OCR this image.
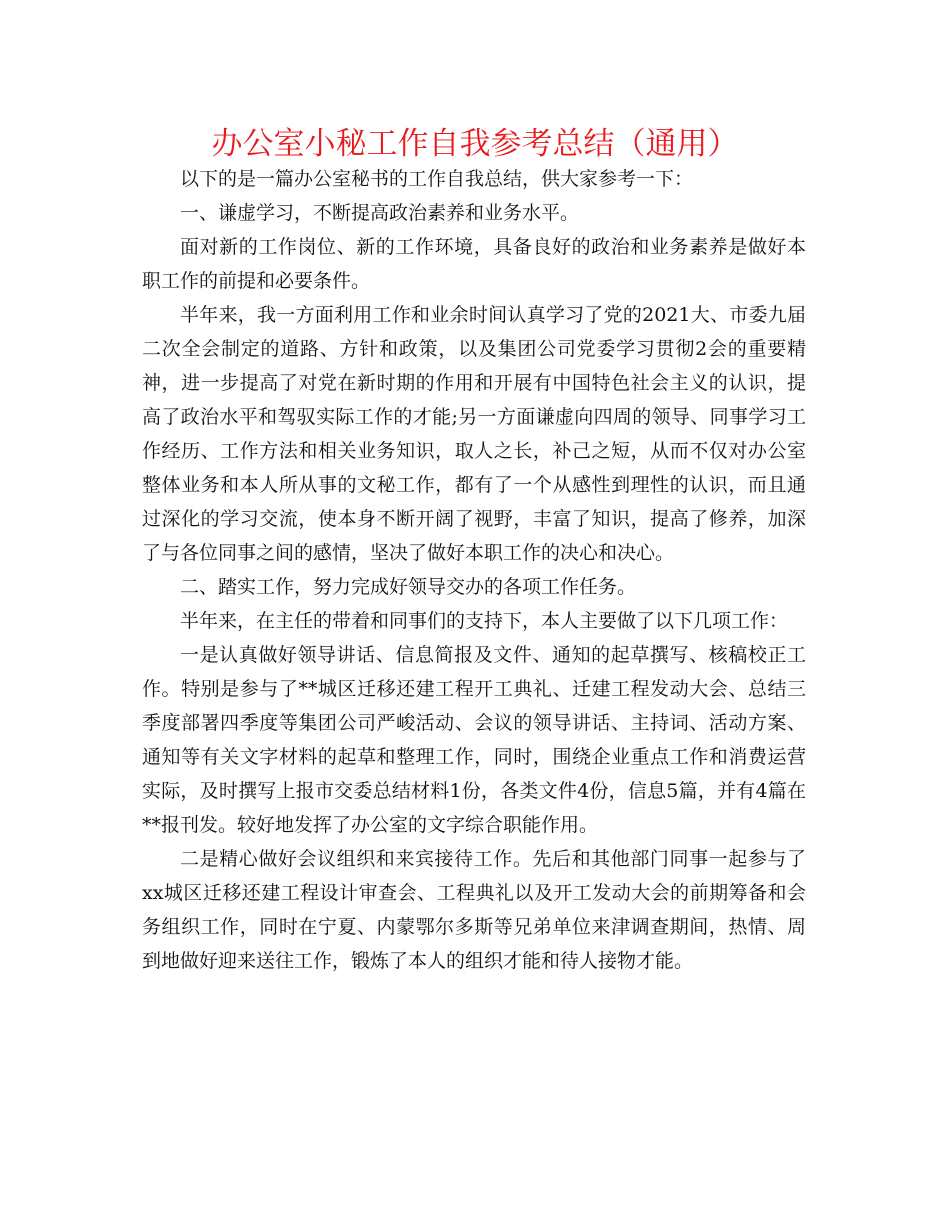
办公室小秘工作自我参考总结（通用）

以下的是一篇办公室秘书的工作自我总结，供大家参考一下：

一、谦虚学习，不断提高政治素养和业务水平。

面对新的工作岗位、新的工作环境，具备良好的政治和业务素养是做好本职工作的前提和必要条件。

半年来，我一方面利用工作和业余时间认真学习了党的2021大、市委九届二次全会制定的道路、方针和政策，以及集团公司党委学习贯彻2会的重要精神，进一步提高了对党在新时期的作用和开展有中国特色社会主义的认识，提高了政治水平和驾驭实际工作的才能;另一方面谦虚向四周的领导、同事学习工作经历、工作方法和相关业务知识，取人之长，补己之短，从而不仅对办公室整体业务和本人所从事的文秘工作，都有了一个从感性到理性的认识，而且通过深化的学习交流，使本身不断开阔了视野，丰富了知识，提高了修养，加深了与各位同事之间的感情，坚决了做好本职工作的决心和决心。

二、踏实工作，努力完成好领导交办的各项工作任务。

半年来，在主任的带着和同事们的支持下，本人主要做了以下几项工作：

一是认真做好领导讲话、信息简报及文件、通知的起草撰写、核稿校正工作。特别是参与了**城区迁移还建工程开工典礼、迁建工程发动大会、总结三季度部署四季度等集团公司严峻活动、会议的领导讲话、主持词、活动方案、通知等有关文字材料的起草和整理工作，同时，围绕企业重点工作和消费运营实际，及时撰写上报市交委总结材料1份，各类文件4份，信息5篇，并有4篇在**报刊发。较好地发挥了办公室的文字综合职能作用。

二是精心做好会议组织和来宾接待工作。先后和其他部门同事一起参与了xx城区迁移还建工程设计审查会、工程典礼以及开工发动大会的前期筹备和会务组织工作，同时在宁夏、内蒙鄂尔多斯等兄弟单位来津调查期间，热情、周到地做好迎来送往工作，锻炼了本人的组织才能和待人接物才能。
